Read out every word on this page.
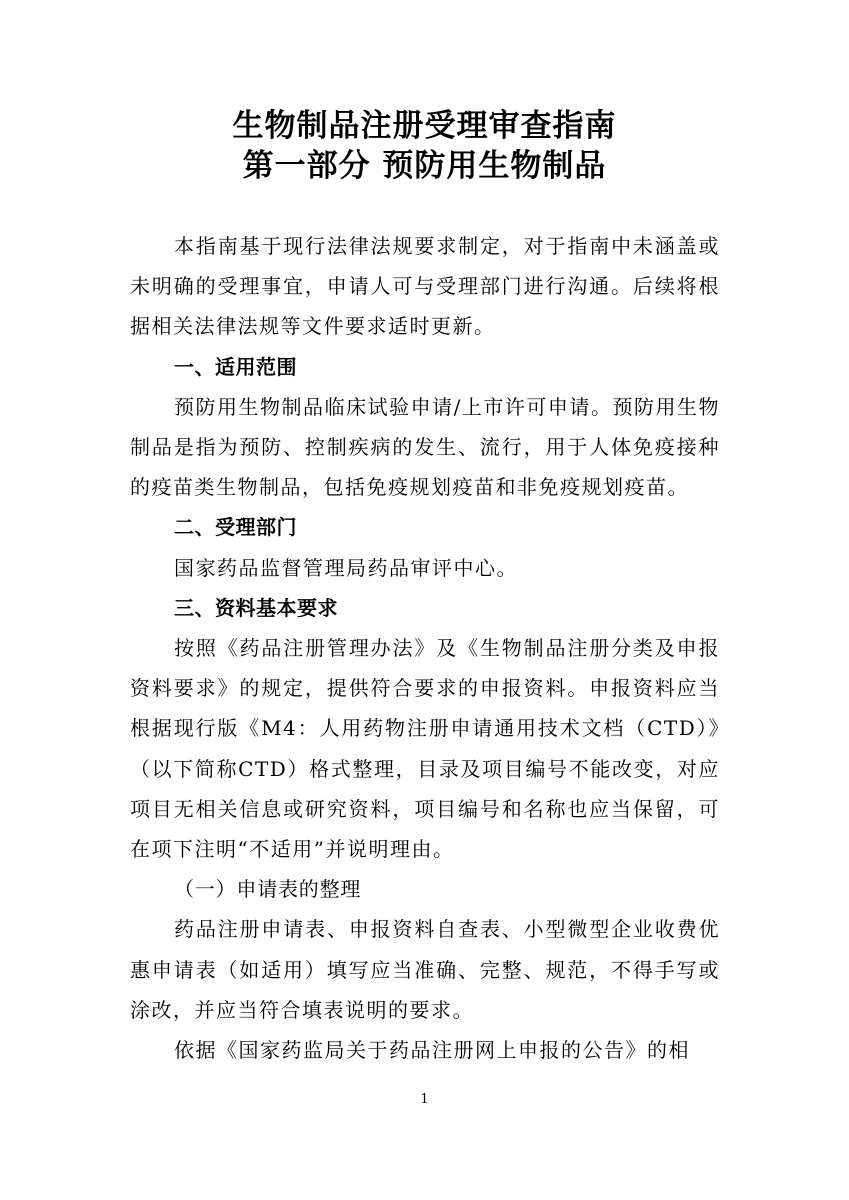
生物制品注册受理审查指南
第一部分 预防用生物制品

本指南基于现行法律法规要求制定，对于指南中未涵盖或未明确的受理事宜，申请人可与受理部门进行沟通。后续将根据相关法律法规等文件要求适时更新。

一、适用范围

预防用生物制品临床试验申请/上市许可申请。预防用生物制品是指为预防、控制疾病的发生、流行，用于人体免疫接种的疫苗类生物制品，包括免疫规划疫苗和非免疫规划疫苗。

二、受理部门

国家药品监督管理局药品审评中心。

三、资料基本要求

按照《药品注册管理办法》及《生物制品注册分类及申报资料要求》的规定，提供符合要求的申报资料。申报资料应当根据现行版《M4：人用药物注册申请通用技术文档（CTD）》（以下简称CTD）格式整理，目录及项目编号不能改变，对应项目无相关信息或研究资料，项目编号和名称也应当保留，可在项下注明“不适用”并说明理由。

（一）申请表的整理

药品注册申请表、申报资料自查表、小型微型企业收费优惠申请表（如适用）填写应当准确、完整、规范，不得手写或涂改，并应当符合填表说明的要求。

依据《国家药监局关于药品注册网上申报的公告》的相

1
